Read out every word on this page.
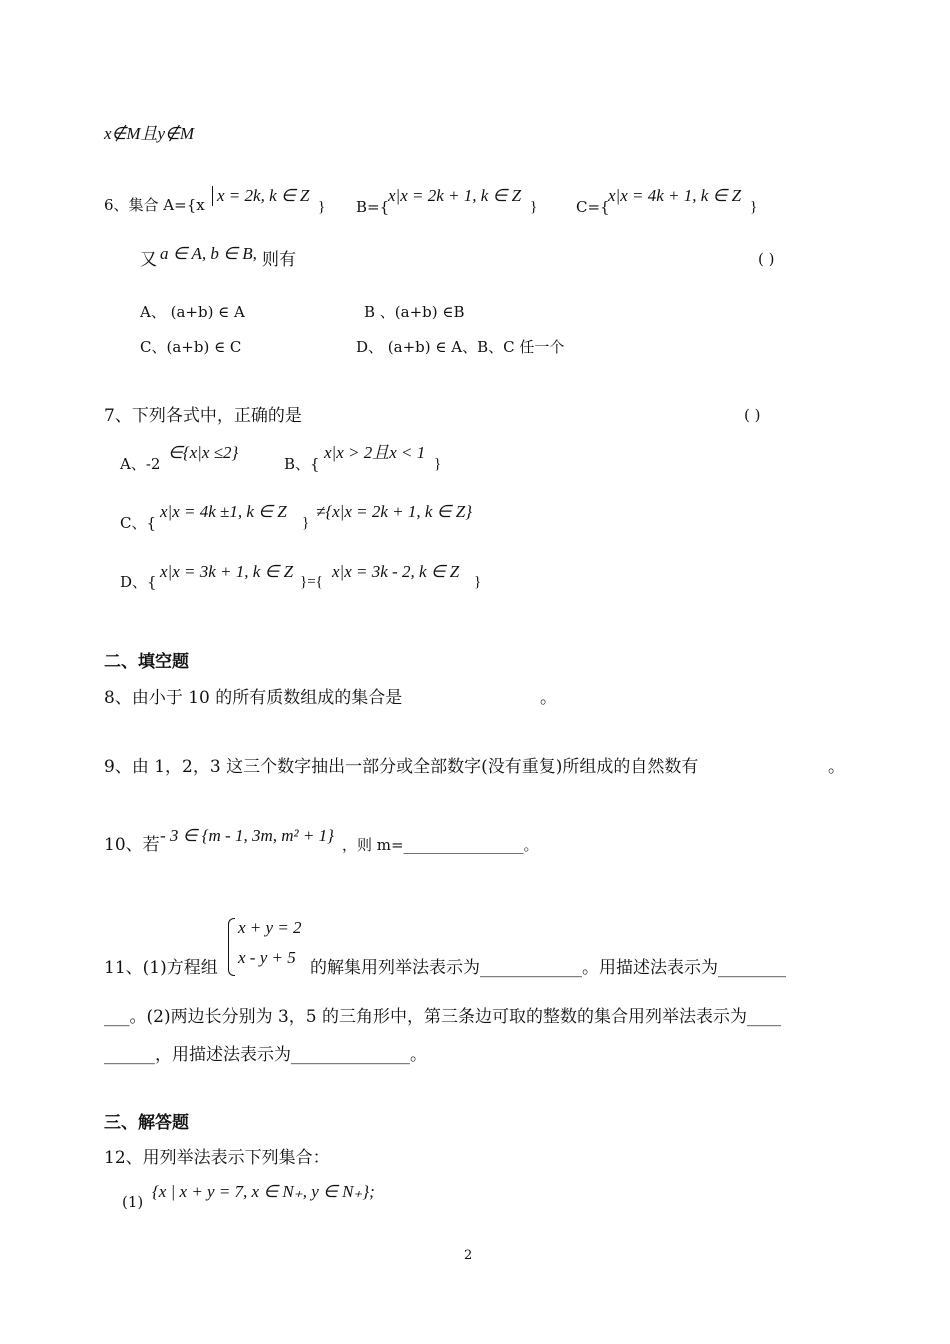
x∉M且y∉M
6、集合 A={x x = 2k, k ∈ Z
} B={
x|x = 2k + 1, k ∈ Z
}	C={
x|x = 4k + 1, k ∈ Z
}
又 a ∈ A, b ∈ B, 则有	( )
A、 (a+b) ∈ A	B 、(a+b) ∈B
C、(a+b) ∈ C	D、 (a+b) ∈ A、B、C 任一个
7、下列各式中，正确的是	( )
A、-2
∈{x|x ≤2}
B、{
x|x > 2且x < 1
}
C、{
x|x = 4k ±1, k ∈ Z
}
≠{x|x = 2k + 1, k ∈ Z}
D、{
x|x = 3k + 1, k ∈ Z
}={
x|x = 3k - 2, k ∈ Z
}
二、填空题
8、由小于 10 的所有质数组成的集合是	。
9、由 1，2，3 这三个数字抽出一部分或全部数字(没有重复)所组成的自然数有	。
10、若 - 3 ∈ {m - 1, 3m, m² + 1} ，则 m=________________。
x + y = 2
x - y + 5
11、(1)方程组	的解集用列举法表示为____________。用描述法表示为________
___。(2)两边长分别为 3，5 的三角形中，第三条边可取的整数的集合用列举法表示为____
______，用描述法表示为______________。
三、解答题
12、用列举法表示下列集合：
(1)
{x | x + y = 7, x ∈ N₊, y ∈ N₊};
2
